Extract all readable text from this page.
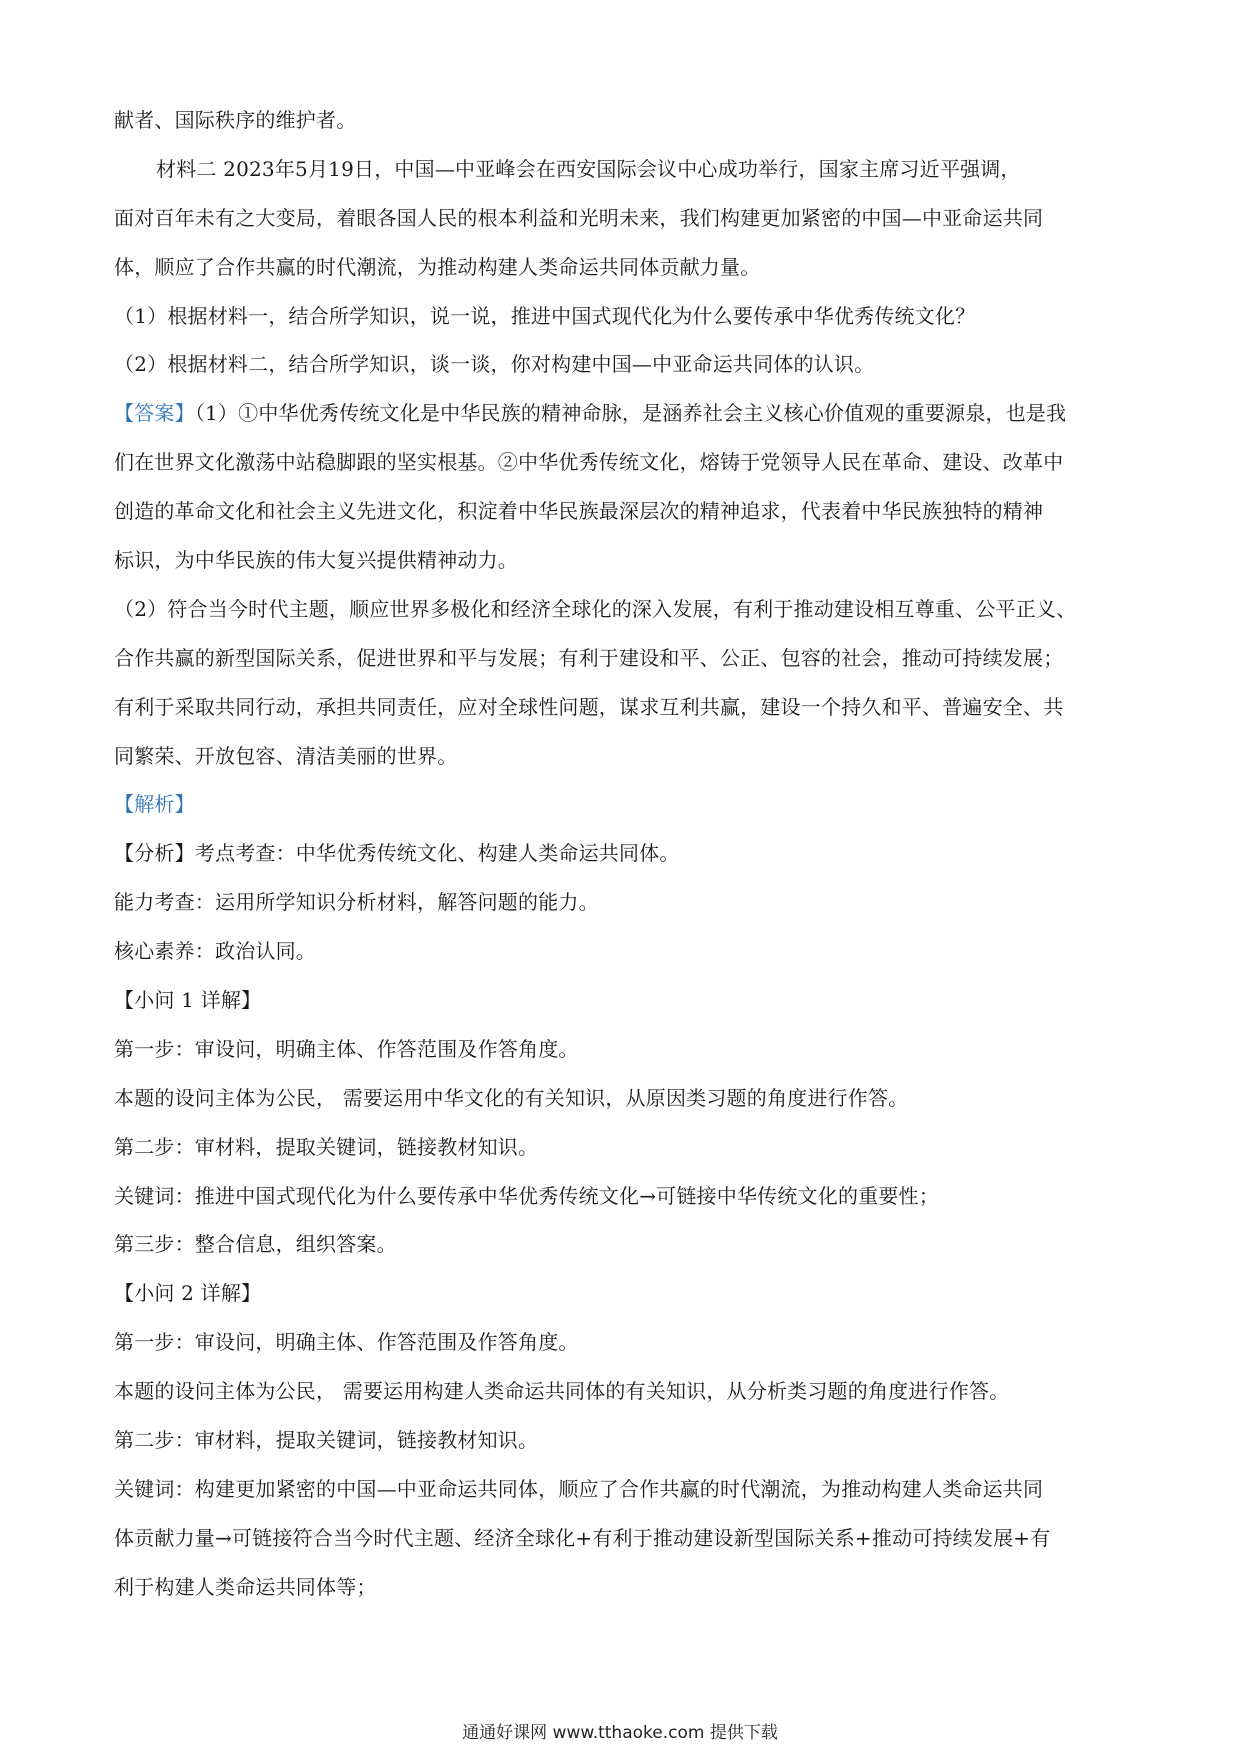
献者、国际秩序的维护者。
材料二 2023年5月19日，中国—中亚峰会在西安国际会议中心成功举行，国家主席习近平强调，
面对百年未有之大变局，着眼各国人民的根本利益和光明未来，我们构建更加紧密的中国—中亚命运共同
体，顺应了合作共赢的时代潮流，为推动构建人类命运共同体贡献力量。
（1）根据材料一，结合所学知识，说一说，推进中国式现代化为什么要传承中华优秀传统文化？
（2）根据材料二，结合所学知识，谈一谈，你对构建中国—中亚命运共同体的认识。
【答案】（1）①中华优秀传统文化是中华民族的精神命脉，是涵养社会主义核心价值观的重要源泉，也是我
们在世界文化激荡中站稳脚跟的坚实根基。②中华优秀传统文化，熔铸于党领导人民在革命、建设、改革中
创造的革命文化和社会主义先进文化，积淀着中华民族最深层次的精神追求，代表着中华民族独特的精神
标识，为中华民族的伟大复兴提供精神动力。
（2）符合当今时代主题，顺应世界多极化和经济全球化的深入发展，有利于推动建设相互尊重、公平正义、
合作共赢的新型国际关系，促进世界和平与发展；有利于建设和平、公正、包容的社会，推动可持续发展；
有利于采取共同行动，承担共同责任，应对全球性问题，谋求互利共赢，建设一个持久和平、普遍安全、共
同繁荣、开放包容、清洁美丽的世界。
【解析】
【分析】考点考查：中华优秀传统文化、构建人类命运共同体。
能力考查：运用所学知识分析材料，解答问题的能力。
核心素养：政治认同。
【小问 1 详解】
第一步：审设问，明确主体、作答范围及作答角度。
本题的设问主体为公民， 需要运用中华文化的有关知识，从原因类习题的角度进行作答。
第二步：审材料，提取关键词，链接教材知识。
关键词：推进中国式现代化为什么要传承中华优秀传统文化→可链接中华传统文化的重要性；
第三步：整合信息，组织答案。
【小问 2 详解】
第一步：审设问，明确主体、作答范围及作答角度。
本题的设问主体为公民， 需要运用构建人类命运共同体的有关知识，从分析类习题的角度进行作答。
第二步：审材料，提取关键词，链接教材知识。
关键词：构建更加紧密的中国—中亚命运共同体，顺应了合作共赢的时代潮流，为推动构建人类命运共同
体贡献力量→可链接符合当今时代主题、经济全球化+有利于推动建设新型国际关系+推动可持续发展+有
利于构建人类命运共同体等；
通通好课网 www.tthaoke.com 提供下载
